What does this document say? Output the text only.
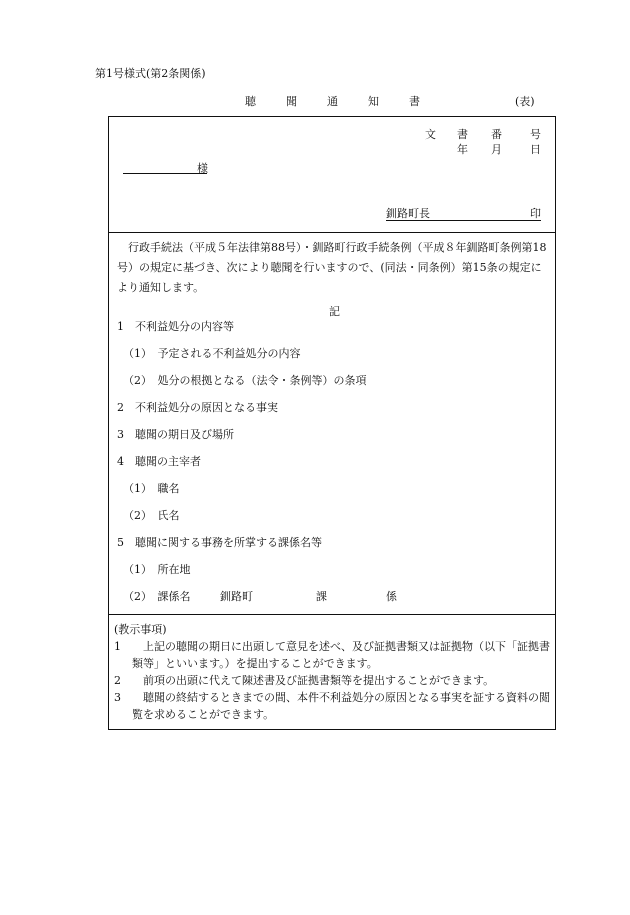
第1号様式(第2条関係)
聴	聞	通	知	書	(表)
文 書 番	号
年 月	日
様
釧路町長	印
行政手続法（平成５年法律第88号）・釧路町行政手続条例（平成８年釧路町条例第18号）の規定に基づき、次により聴聞を行いますので、(同法・同条例）第15条の規定により通知します。
記
1　不利益処分の内容等
（1）　予定される不利益処分の内容
（2）　処分の根拠となる（法令・条例等）の条項
2　不利益処分の原因となる事実
3　聴聞の期日及び場所
4　聴聞の主宰者
（1）　職名
（2）　氏名
5　聴聞に関する事務を所掌する課係名等
（1）　所在地
（2）　課係名	釧路町	課	係
(教示事項)
1	上記の聴聞の期日に出頭して意見を述べ、及び証拠書類又は証拠物（以下「証拠書類等」といいます。）を提出することができます。
2	前項の出頭に代えて陳述書及び証拠書類等を提出することができます。
3	聴聞の終結するときまでの間、本件不利益処分の原因となる事実を証する資料の閲覧を求めることができます。
